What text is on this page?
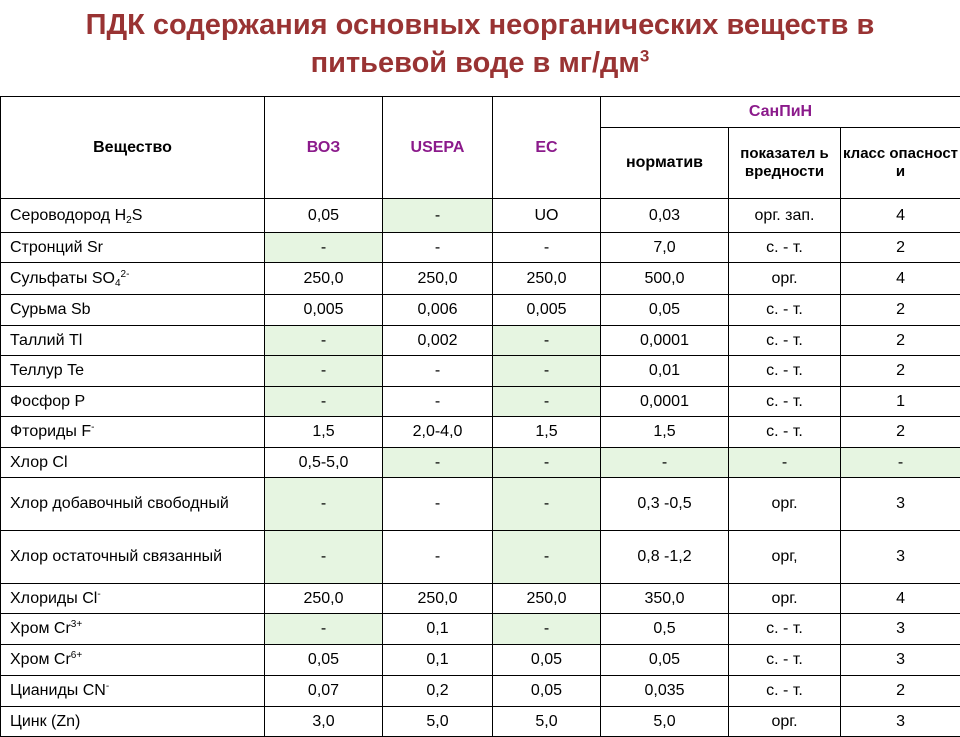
ПДК содержания основных неорганических веществ в
питьевой воде в $мг/дм^3$
Вещество	ВОЗ	USEPA	ЕС	СанПиН		
				норматив	показател ь вредности	класс опасност и
Сероводород $H_2S$	0,05	-	UO	0,03	орг. зап.	4
Стронций Sr	-	-	-	7,0	с. - т.	2
Сульфаты $SO_4^{2-}$	250,0	250,0	250,0	500,0	орг.	4
Сурьма Sb	0,005	0,006	0,005	0,05	с. - т.	2
Таллий Tl	-	0,002	-	0,0001	с. - т.	2
Теллур Te	-	-	-	0,01	с. - т.	2
Фосфор P	-	-	-	0,0001	с. - т.	1
Фториды F-	1,5	2,0-4,0	1,5	1,5	с. - т.	2
Хлор Cl	0,5-5,0	-	-	-	-	-
Хлор добавочный свободный	-	-	-	0,3 -0,5	орг.	3
Хлор остаточный связанный	-	-	-	0,8 -1,2	орг,	3
Хлориды Cl-	250,0	250,0	250,0	350,0	орг.	4
Хром $Cr^{3+}$	-	0,1	-	0,5	с. - т.	3
Хром $Cr^{6+}$	0,05	0,1	0,05	0,05	с. - т.	3
Цианиды CN-	0,07	0,2	0,05	0,035	с. - т.	2
Цинк (Zn)	3,0	5,0	5,0	5,0	орг.	3
